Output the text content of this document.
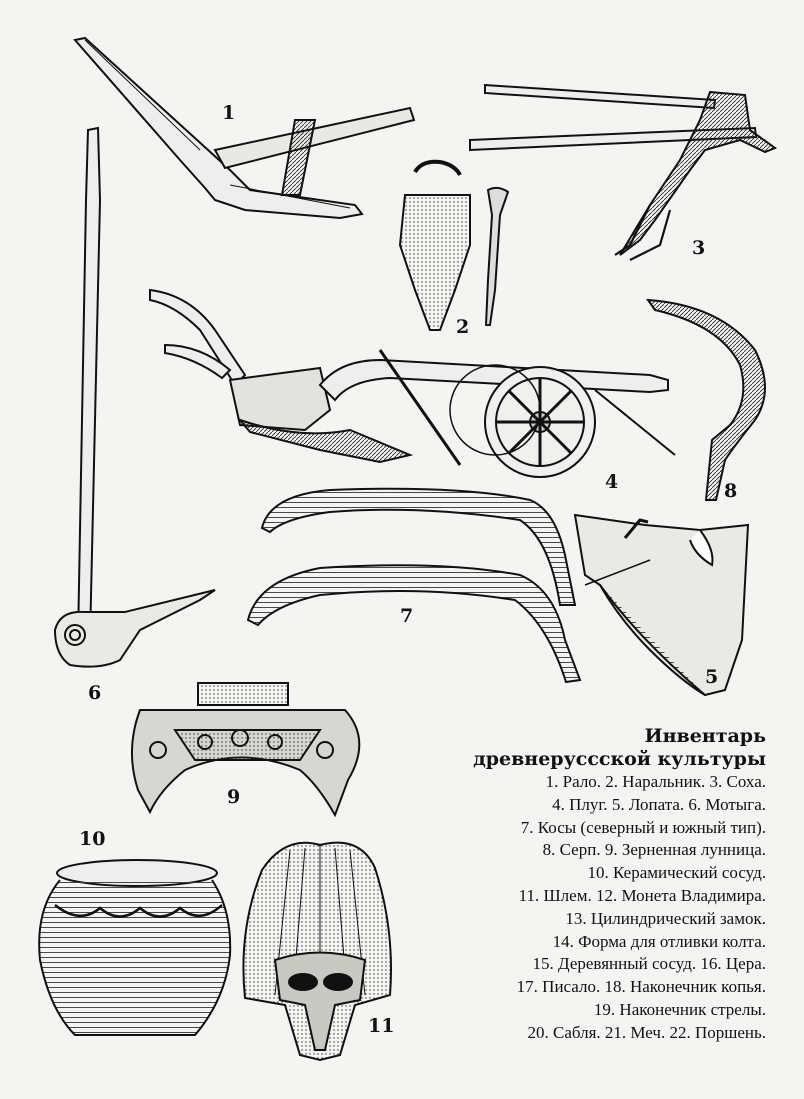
1
2
3
4
5
6
7
8
9
10
11
Инвентарь
древнерусcской культуры
1. Рало. 2. Наральник. 3. Соха.
4. Плуг. 5. Лопата. 6. Мотыга.
7. Косы (северный и южный тип).
8. Серп. 9. Зерненная лунница.
10. Керамический сосуд.
11. Шлем. 12. Монета Владимира.
13. Цилиндрический замок.
14. Форма для отливки колта.
15. Деревянный сосуд. 16. Цера.
17. Писало. 18. Наконечник копья.
19. Наконечник стрелы.
20. Сабля. 21. Меч. 22. Поршень.
